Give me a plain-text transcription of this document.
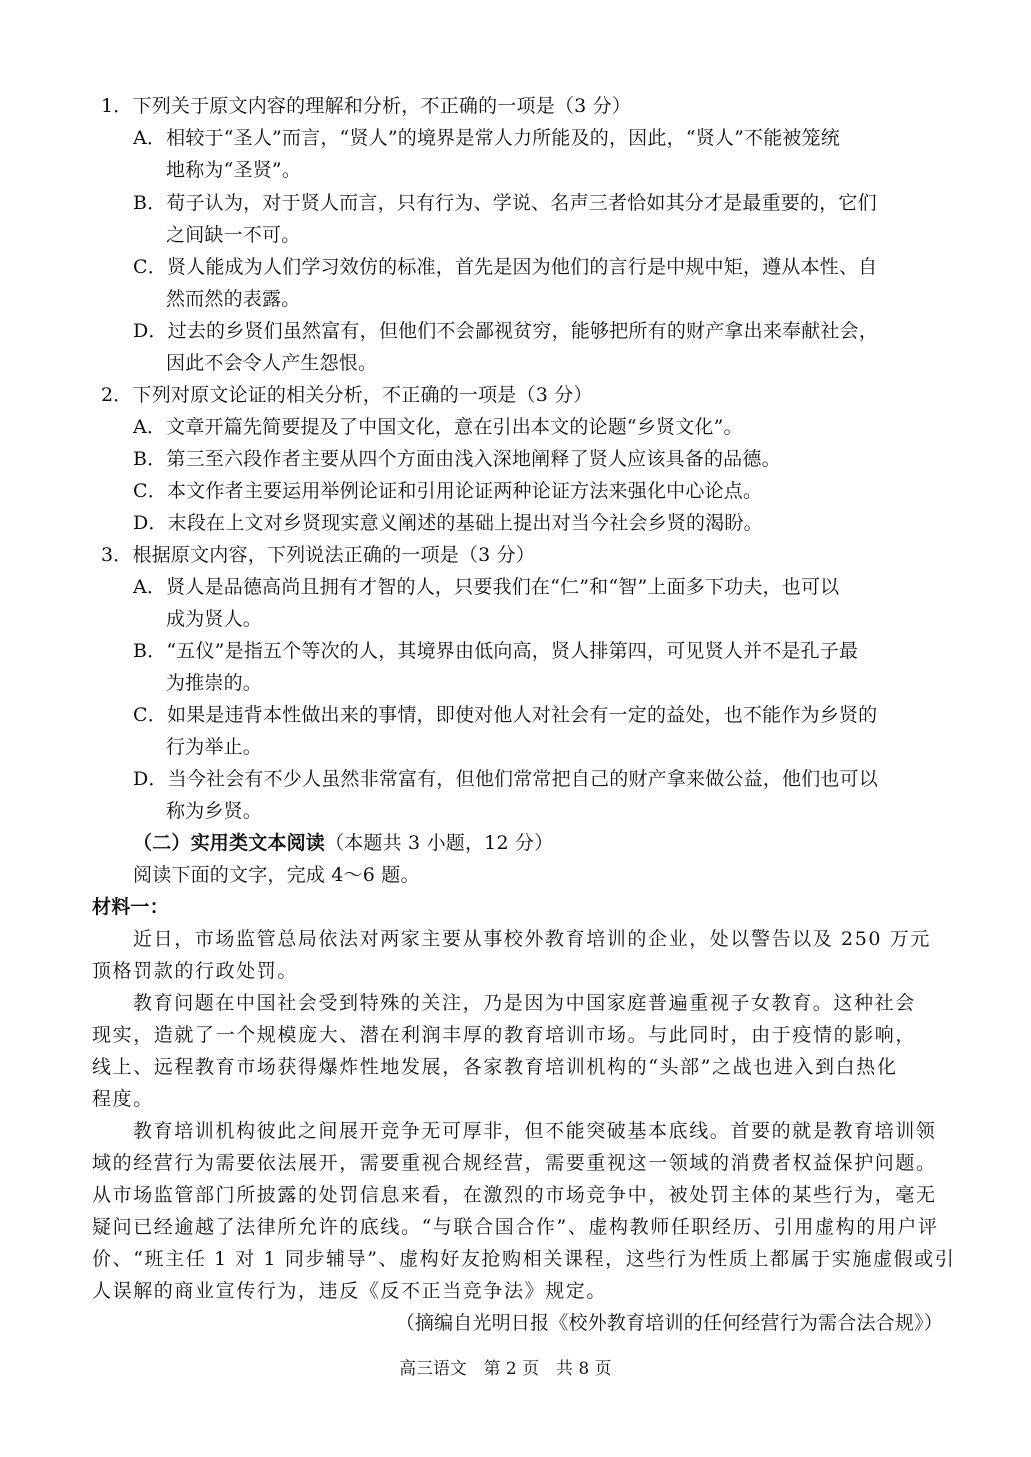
1．下列关于原文内容的理解和分析，不正确的一项是（3 分）
A．相较于“圣人”而言，“贤人”的境界是常人力所能及的，因此，“贤人”不能被笼统
地称为“圣贤”。
B．荀子认为，对于贤人而言，只有行为、学说、名声三者恰如其分才是最重要的，它们
之间缺一不可。
C．贤人能成为人们学习效仿的标准，首先是因为他们的言行是中规中矩，遵从本性、自
然而然的表露。
D．过去的乡贤们虽然富有，但他们不会鄙视贫穷，能够把所有的财产拿出来奉献社会，
因此不会令人产生怨恨。
2．下列对原文论证的相关分析，不正确的一项是（3 分）
A．文章开篇先简要提及了中国文化，意在引出本文的论题“乡贤文化”。
B．第三至六段作者主要从四个方面由浅入深地阐释了贤人应该具备的品德。
C．本文作者主要运用举例论证和引用论证两种论证方法来强化中心论点。
D．末段在上文对乡贤现实意义阐述的基础上提出对当今社会乡贤的渴盼。
3．根据原文内容，下列说法正确的一项是（3 分）
A．贤人是品德高尚且拥有才智的人，只要我们在“仁”和“智”上面多下功夫，也可以
成为贤人。
B．“五仪”是指五个等次的人，其境界由低向高，贤人排第四，可见贤人并不是孔子最
为推崇的。
C．如果是违背本性做出来的事情，即使对他人对社会有一定的益处，也不能作为乡贤的
行为举止。
D．当今社会有不少人虽然非常富有，但他们常常把自己的财产拿来做公益，他们也可以
称为乡贤。
（二）实用类文本阅读（本题共 3 小题，12 分）
阅读下面的文字，完成 4～6 题。
材料一：
近日，市场监管总局依法对两家主要从事校外教育培训的企业，处以警告以及 250 万元
顶格罚款的行政处罚。
教育问题在中国社会受到特殊的关注，乃是因为中国家庭普遍重视子女教育。这种社会
现实，造就了一个规模庞大、潜在利润丰厚的教育培训市场。与此同时，由于疫情的影响，
线上、远程教育市场获得爆炸性地发展，各家教育培训机构的“头部”之战也进入到白热化
程度。
教育培训机构彼此之间展开竞争无可厚非，但不能突破基本底线。首要的就是教育培训领
域的经营行为需要依法展开，需要重视合规经营，需要重视这一领域的消费者权益保护问题。
从市场监管部门所披露的处罚信息来看，在激烈的市场竞争中，被处罚主体的某些行为，毫无
疑问已经逾越了法律所允许的底线。“与联合国合作”、虚构教师任职经历、引用虚构的用户评
价、“班主任 1 对 1 同步辅导”、虚构好友抢购相关课程，这些行为性质上都属于实施虚假或引
人误解的商业宣传行为，违反《反不正当竞争法》规定。
（摘编自光明日报《校外教育培训的任何经营行为需合法合规》）
高三语文　第 2 页　共 8 页
